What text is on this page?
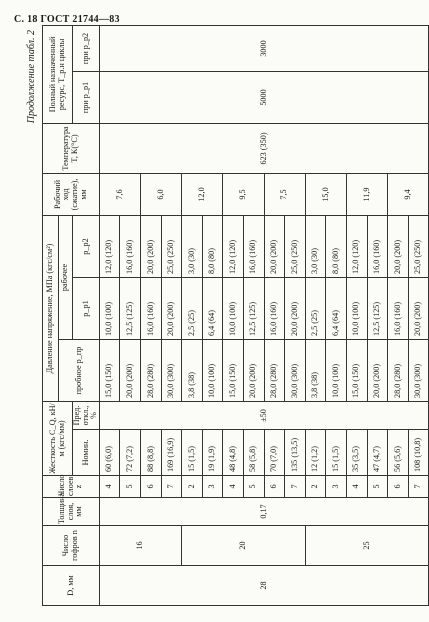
С. 18 ГОСТ 21744—83
Продолжение табл. 2
D, мм	Число гофров n	Толщина слоя, мм	Число слоев z	Жесткость C_Q, кН/м (кгс/мм)		Давление напряжение, МПа (кгс/см²)			Рабочий ход (сжатие), мм	Температура T, К(°С)	Полный назначенный ресурс, Т_р.н циклы	
						пробное p_пр	рабочее					
				Номин.	Пред. откл., %		p_p1	p_p2			при p_p1	при p_p2
28	16	0,17	4	60 (6,0)	±50	15,0 (150)	10,0 (100)	12,0 (120)	7,6	623 (350)	5000	3000
			5	72 (7,2)		20,0 (200)	12,5 (125)	16,0 (160)				
			6	88 (8,8)		28,0 (280)	16,0 (160)	20,0 (200)	6,0			
			7	169 (16,9)		30,0 (300)	20,0 (200)	25,0 (250)				
	20		2	15 (1,5)		3,8 (38)	2,5 (25)	3,0 (30)	12,0			
			3	19 (1,9)		10,0 (100)	6,4 (64)	8,0 (80)				
			4	48 (4,8)		15,0 (150)	10,0 (100)	12,0 (120)	9,5			
			5	58 (5,8)		20,0 (200)	12,5 (125)	16,0 (160)				
			6	70 (7,0)		28,0 (280)	16,0 (160)	20,0 (200)	7,5			
			7	135 (13,5)		30,0 (300)	20,0 (200)	25,0 (250)				
	25		2	12 (1,2)		3,8 (38)	2,5 (25)	3,0 (30)	15,0			
			3	15 (1,5)		10,0 (100)	6,4 (64)	8,0 (80)				
			4	35 (3,5)		15,0 (150)	10,0 (100)	12,0 (120)	11,9			
			5	47 (4,7)		20,0 (200)	12,5 (125)	16,0 (160)				
			6	56 (5,6)		28,0 (280)	16,0 (160)	20,0 (200)	9,4			
			7	108 (10,8)		30,0 (300)	20,0 (200)	25,0 (250)				
